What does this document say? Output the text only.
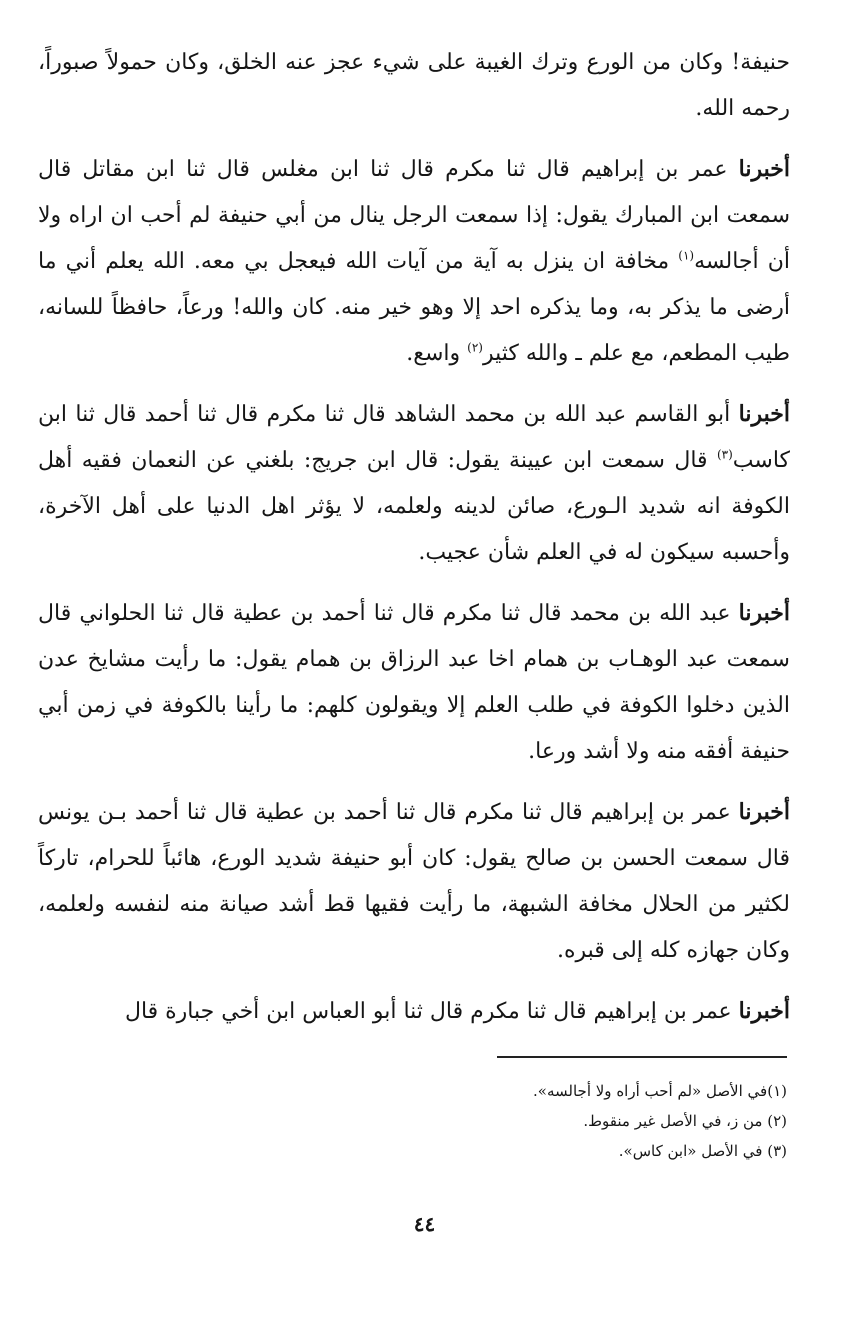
حنيفة! وكان من الورع وترك الغيبة على شيء عجز عنه الخلق، وكان حمولاً صبوراً، رحمه الله.

أخبرنا عمر بن إبراهيم قال ثنا مكرم قال ثنا ابن مغلس قال ثنا ابن مقاتل قال سمعت ابن المبارك يقول: إذا سمعت الرجل ينال من أبي حنيفة لم أحب ان اراه ولا أن أجالسه$^{(١)}$ مخافة ان ينزل به آية من آيات الله فيعجل بي معه. الله يعلم أني ما أرضى ما يذكر به، وما يذكره احد إلا وهو خير منه. كان والله! ورعاً، حافظاً للسانه، طيب المطعم، مع علم ـ والله كثير$^{(٢)}$ واسع.

أخبرنا أبو القاسم عبد الله بن محمد الشاهد قال ثنا مكرم قال ثنا أحمد قال ثنا ابن كاسب$^{(٣)}$ قال سمعت ابن عيينة يقول: قال ابن جريج: بلغني عن النعمان فقيه أهل الكوفة انه شديد الـورع، صائن لدينه ولعلمه، لا يؤثر اهل الدنيا على أهل الآخرة، وأحسبه سيكون له في العلم شأن عجيب.

أخبرنا عبد الله بن محمد قال ثنا مكرم قال ثنا أحمد بن عطية قال ثنا الحلواني قال سمعت عبد الوهـاب بن همام اخا عبد الرزاق بن همام يقول: ما رأيت مشايخ عدن الذين دخلوا الكوفة في طلب العلم إلا ويقولون كلهم: ما رأينا بالكوفة في زمن أبي حنيفة أفقه منه ولا أشد ورعا.

أخبرنا عمر بن إبراهيم قال ثنا مكرم قال ثنا أحمد بن عطية قال ثنا أحمد بـن يونس قال سمعت الحسن بن صالح يقول: كان أبو حنيفة شديد الورع، هائباً للحرام، تاركاً لكثير من الحلال مخافة الشبهة، ما رأيت فقيها قط أشد صيانة منه لنفسه ولعلمه، وكان جهازه كله إلى قبره.

أخبرنا عمر بن إبراهيم قال ثنا مكرم قال ثنا أبو العباس ابن أخي جبارة قال

(١)في الأصل «لم أحب أراه ولا أجالسه».

(٢) من ز، في الأصل غير منقوط.

(٣) في الأصل «ابن كاس».

٤٤
